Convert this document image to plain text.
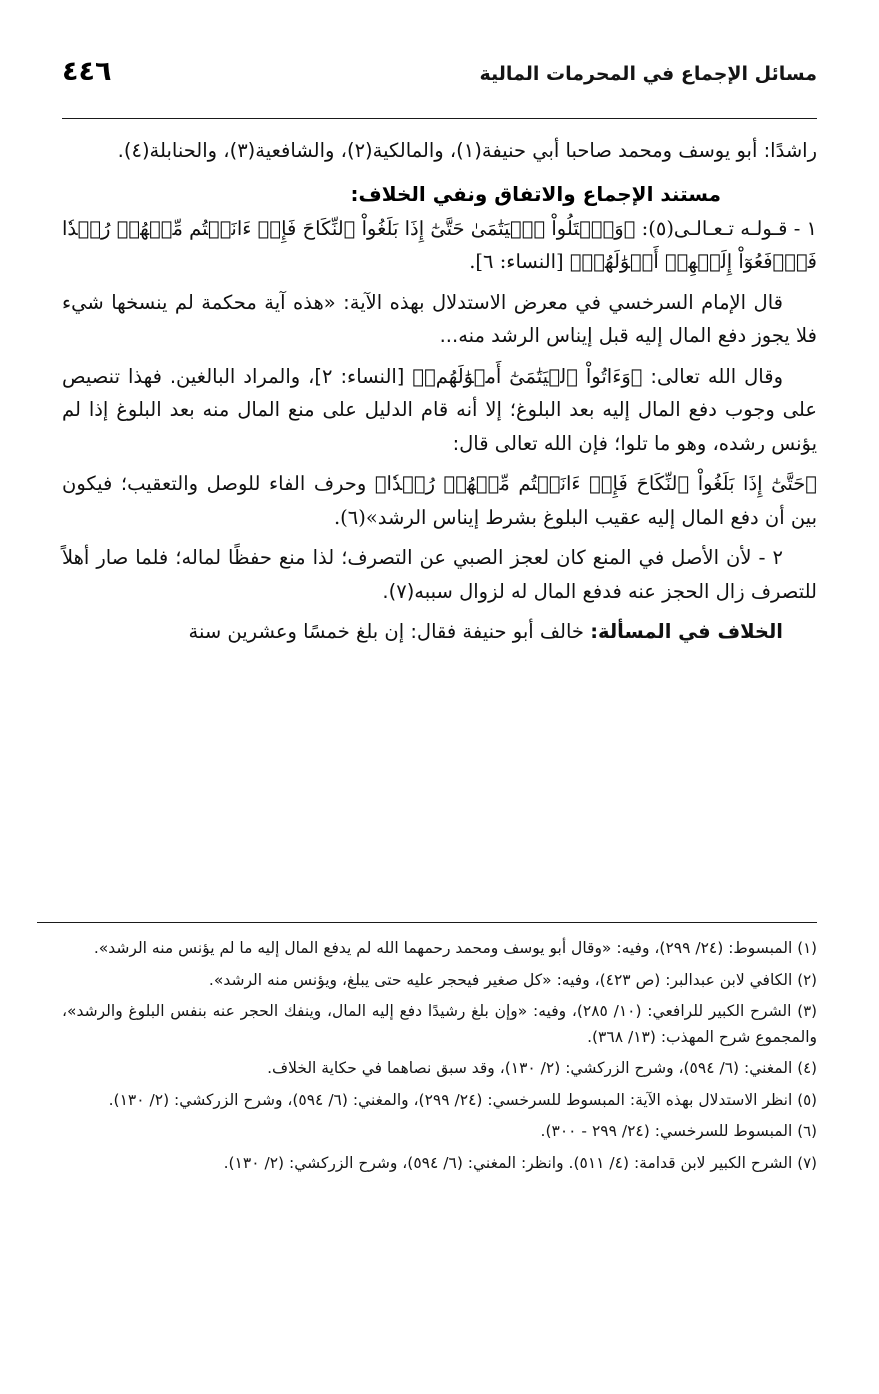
مسائل الإجماع في المحرمات المالية
٤٤٦

راشدًا: أبو يوسف ومحمد صاحبا أبي حنيفة(١)، والمالكية(٢)، والشافعية(٣)، والحنابلة(٤).

مستند الإجماع والاتفاق ونفي الخلاف:

١ - قـولـه تـعـالـى(٥): ﴿وَٱبۡتَلُواْ ٱلۡيَتَٰمَىٰ حَتَّىٰٓ إِذَا بَلَغُواْ ٱلنِّكَاحَ فَإِنۡ ءَانَسۡتُم مِّنۡهُمۡ رُشۡدٗا فَٱدۡفَعُوٓاْ إِلَيۡهِمۡ أَمۡوَٰلَهُمۡ﴾ [النساء: ٦].

قال الإمام السرخسي في معرض الاستدلال بهذه الآية: «هذه آية محكمة لم ينسخها شيء فلا يجوز دفع المال إليه قبل إيناس الرشد منه...

وقال الله تعالى: ﴿وَءَاتُواْ ٱلۡيَتَٰمَىٰٓ أَمۡوَٰلَهُمۡ﴾ [النساء: ٢]، والمراد البالغين. فهذا تنصيص على وجوب دفع المال إليه بعد البلوغ؛ إلا أنه قام الدليل على منع المال منه بعد البلوغ إذا لم يؤنس رشده، وهو ما تلوا؛ فإن الله تعالى قال:

﴿حَتَّىٰٓ إِذَا بَلَغُواْ ٱلنِّكَاحَ فَإِنۡ ءَانَسۡتُم مِّنۡهُمۡ رُشۡدٗا﴾ وحرف الفاء للوصل والتعقيب؛ فيكون بين أن دفع المال إليه عقيب البلوغ بشرط إيناس الرشد»(٦).

٢ - لأن الأصل في المنع كان لعجز الصبي عن التصرف؛ لذا منع حفظًا لماله؛ فلما صار أهلاً للتصرف زال الحجز عنه فدفع المال له لزوال سببه(٧).

الخلاف في المسألة: خالف أبو حنيفة فقال: إن بلغ خمسًا وعشرين سنة

(١) المبسوط: (٢٤/ ٢٩٩)، وفيه: «وقال أبو يوسف ومحمد رحمهما الله لم يدفع المال إليه ما لم يؤنس منه الرشد».

(٢) الكافي لابن عبدالبر: (ص ٤٢٣)، وفيه: «كل صغير فيحجر عليه حتى يبلغ، ويؤنس منه الرشد».

(٣) الشرح الكبير للرافعي: (١٠/ ٢٨٥)، وفيه: «وإن بلغ رشيدًا دفع إليه المال، وينفك الحجر عنه بنفس البلوغ والرشد»، والمجموع شرح المهذب: (١٣/ ٣٦٨).

(٤) المغني: (٦/ ٥٩٤)، وشرح الزركشي: (٢/ ١٣٠)، وقد سبق نصاهما في حكاية الخلاف.

(٥) انظر الاستدلال بهذه الآية: المبسوط للسرخسي: (٢٤/ ٢٩٩)، والمغني: (٦/ ٥٩٤)، وشرح الزركشي: (٢/ ١٣٠).

(٦) المبسوط للسرخسي: (٢٤/ ٢٩٩ - ٣٠٠).

(٧) الشرح الكبير لابن قدامة: (٤/ ٥١١). وانظر: المغني: (٦/ ٥٩٤)، وشرح الزركشي: (٢/ ١٣٠).
